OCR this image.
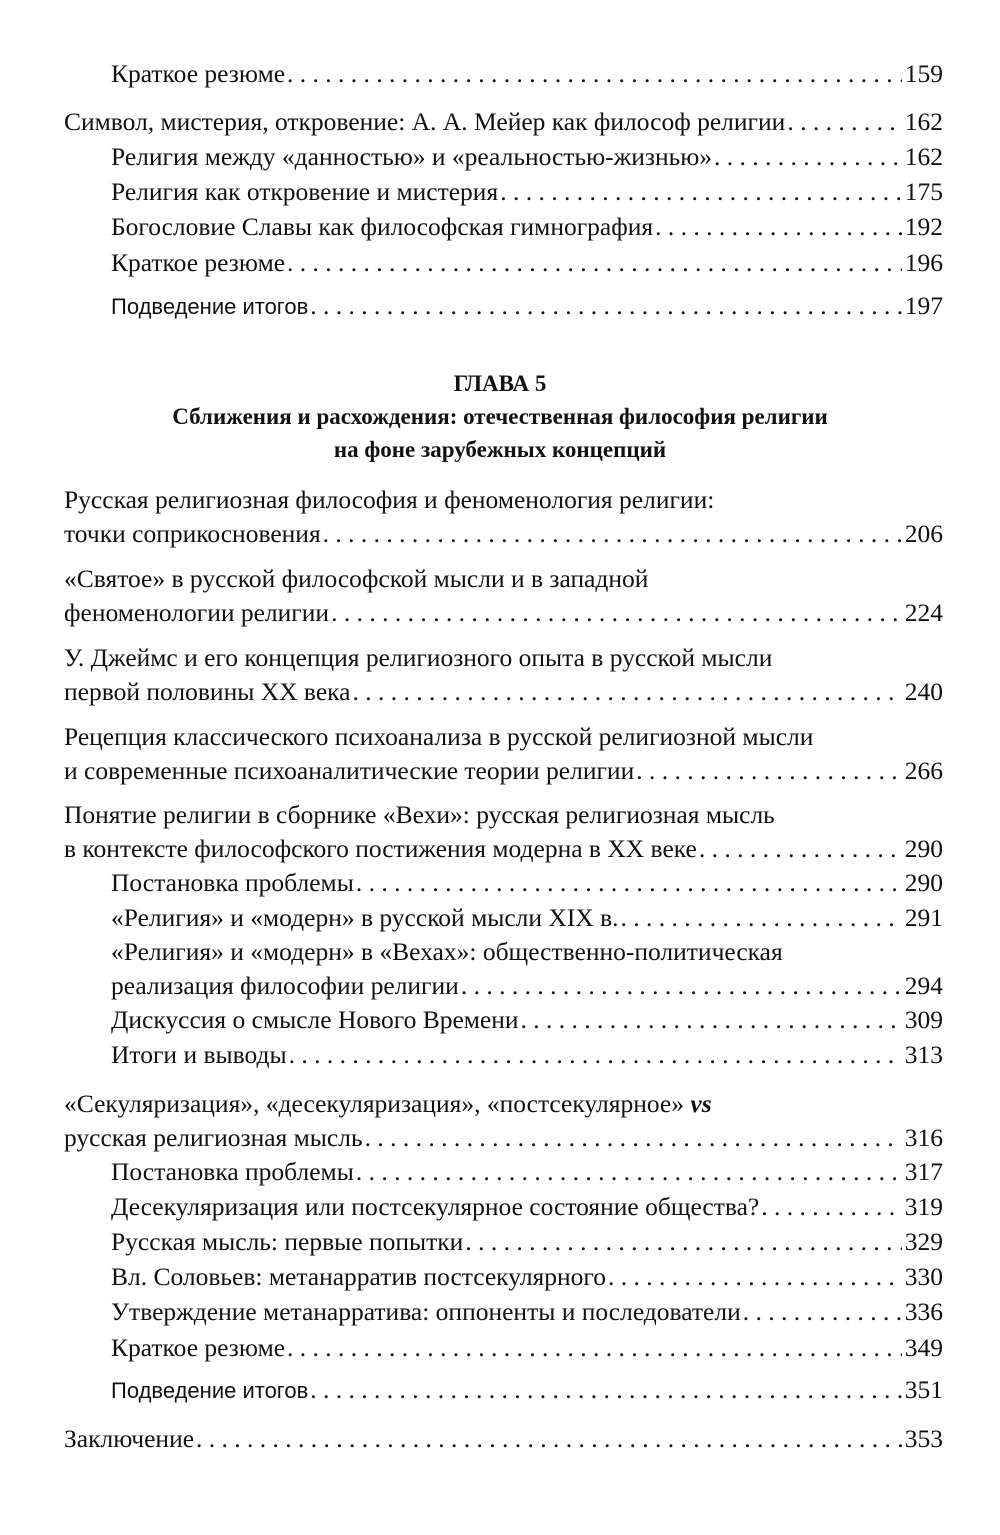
Краткое резюме . . .	159
Символ, мистерия, откровение: А. А. Мейер как философ религии . . .	162
Религия между «данностью» и «реальностью-жизнью» . . .	162
Религия как откровение и мистерия . . .	175
Богословие Славы как философская гимнография . . .	192
Краткое резюме . . .	196
Подведение итогов . . .	197
ГЛАВА 5
Сближения и расхождения: отечественная философия религии
на фоне зарубежных концепций
Русская религиозная философия и феноменология религии:
точки соприкосновения . . .	206
«Святое» в русской философской мысли и в западной
феноменологии религии . . .	224
У. Джеймс и его концепция религиозного опыта в русской мысли
первой половины XX века . . .	240
Рецепция классического психоанализа в русской религиозной мысли
и современные психоаналитические теории религии . . .	266
Понятие религии в сборнике «Вехи»: русская религиозная мысль
в контексте философского постижения модерна в XX веке . . .	290
Постановка проблемы . . .	290
«Религия» и «модерн» в русской мысли XIX в. . . .	291
«Религия» и «модерн» в «Вехах»: общественно-политическая
реализация философии религии . . .	294
Дискуссия о смысле Нового Времени . . .	309
Итоги и выводы . . .	313
«Секуляризация», «десекуляризация», «постсекулярное» vs
русская религиозная мысль . . .	316
Постановка проблемы . . .	317
Десекуляризация или постсекулярное состояние общества? . . .	319
Русская мысль: первые попытки . . .	329
Вл. Соловьев: метанарратив постсекулярного . . .	330
Утверждение метанарратива: оппоненты и последователи . . .	336
Краткое резюме . . .	349
Подведение итогов . . .	351
Заключение . . .	353
